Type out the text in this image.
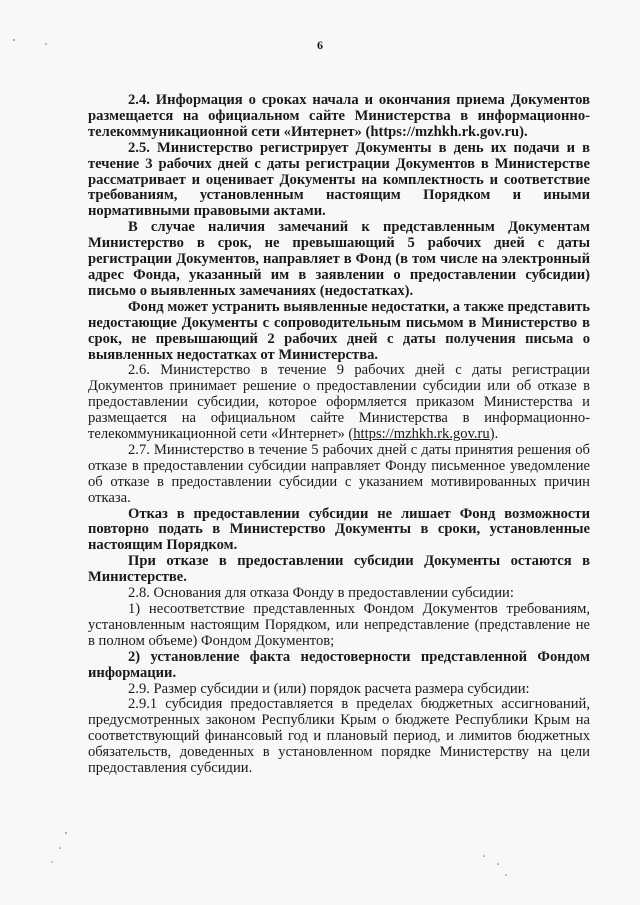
6

2.4. Информация о сроках начала и окончания приема Документов размещается на официальном сайте Министерства в информационно-телекоммуникационной сети «Интернет» (https://mzhkh.rk.gov.ru).

2.5. Министерство регистрирует Документы в день их подачи и в течение 3 рабочих дней с даты регистрации Документов в Министерстве рассматривает и оценивает Документы на комплектность и соответствие требованиям, установленным настоящим Порядком и иными нормативными правовыми актами.

В случае наличия замечаний к представленным Документам Министерство в срок, не превышающий 5 рабочих дней с даты регистрации Документов, направляет в Фонд (в том числе на электронный адрес Фонда, указанный им в заявлении о предоставлении субсидии) письмо о выявленных замечаниях (недостатках).

Фонд может устранить выявленные недостатки, а также представить недостающие Документы с сопроводительным письмом в Министерство в срок, не превышающий 2 рабочих дней с даты получения письма о выявленных недостатках от Министерства.

2.6. Министерство в течение 9 рабочих дней с даты регистрации Документов принимает решение о предоставлении субсидии или об отказе в предоставлении субсидии, которое оформляется приказом Министерства и размещается на официальном сайте Министерства в информационно-телекоммуникационной сети «Интернет» (https://mzhkh.rk.gov.ru).

2.7. Министерство в течение 5 рабочих дней с даты принятия решения об отказе в предоставлении субсидии направляет Фонду письменное уведомление об отказе в предоставлении субсидии с указанием мотивированных причин отказа.

Отказ в предоставлении субсидии не лишает Фонд возможности повторно подать в Министерство Документы в сроки, установленные настоящим Порядком.

При отказе в предоставлении субсидии Документы остаются в Министерстве.

2.8. Основания для отказа Фонду в предоставлении субсидии:

1) несоответствие представленных Фондом Документов требованиям, установленным настоящим Порядком, или непредставление (представление не в полном объеме) Фондом Документов;

2) установление факта недостоверности представленной Фондом информации.

2.9. Размер субсидии и (или) порядок расчета размера субсидии:

2.9.1 субсидия предоставляется в пределах бюджетных ассигнований, предусмотренных законом Республики Крым о бюджете Республики Крым на соответствующий финансовый год и плановый период, и лимитов бюджетных обязательств, доведенных в установленном порядке Министерству на цели предоставления субсидии.
